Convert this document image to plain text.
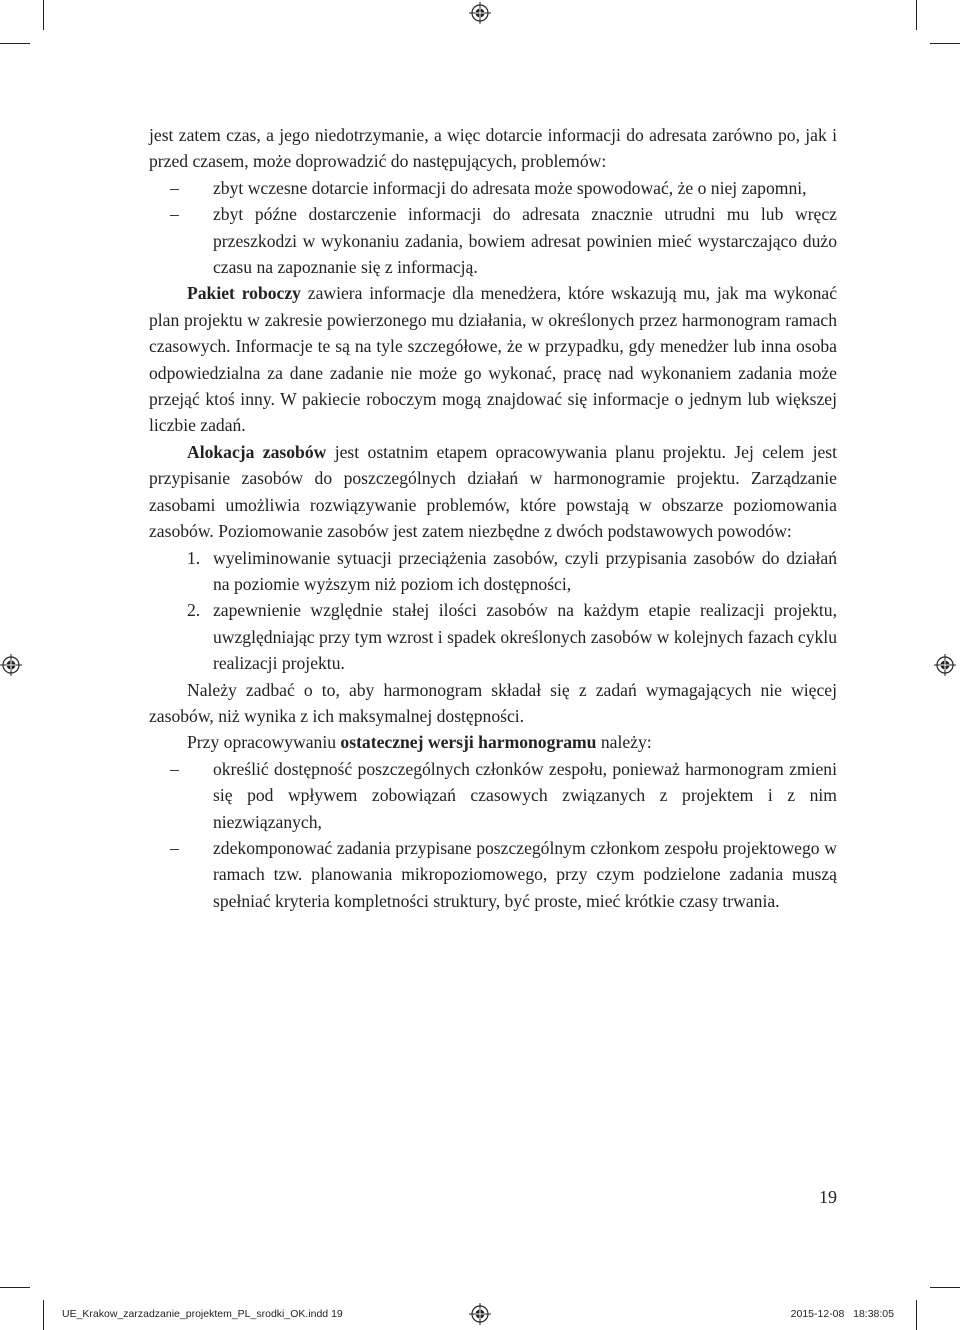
jest zatem czas, a jego niedotrzymanie, a więc dotarcie informacji do adresata zarówno po, jak i przed czasem, może doprowadzić do następujących, problemów:

– zbyt wczesne dotarcie informacji do adresata może spowodować, że o niej zapomni,
– zbyt późne dostarczenie informacji do adresata znacznie utrudni mu lub wręcz przeszkodzi w wykonaniu zadania, bowiem adresat powinien mieć wystarczająco dużo czasu na zapoznanie się z informacją.

Pakiet roboczy zawiera informacje dla menedżera, które wskazują mu, jak ma wykonać plan projektu w zakresie powierzonego mu działania, w określonych przez harmonogram ramach czasowych. Informacje te są na tyle szczegółowe, że w przypadku, gdy menedżer lub inna osoba odpowiedzialna za dane zadanie nie może go wykonać, pracę nad wykonaniem zadania może przejąć ktoś inny. W pakiecie roboczym mogą znajdować się informacje o jednym lub większej liczbie zadań.

Alokacja zasobów jest ostatnim etapem opracowywania planu projektu. Jej celem jest przypisanie zasobów do poszczególnych działań w harmonogramie projektu. Zarządzanie zasobami umożliwia rozwiązywanie problemów, które powstają w obszarze poziomowania zasobów. Poziomowanie zasobów jest zatem niezbędne z dwóch podstawowych powodów:

1. wyeliminowanie sytuacji przeciążenia zasobów, czyli przypisania zasobów do działań na poziomie wyższym niż poziom ich dostępności,
2. zapewnienie względnie stałej ilości zasobów na każdym etapie realizacji projektu, uwzględniając przy tym wzrost i spadek określonych zasobów w kolejnych fazach cyklu realizacji projektu.

Należy zadbać o to, aby harmonogram składał się z zadań wymagających nie więcej zasobów, niż wynika z ich maksymalnej dostępności.

Przy opracowywaniu ostatecznej wersji harmonogramu należy:

– określić dostępność poszczególnych członków zespołu, ponieważ harmonogram zmieni się pod wpływem zobowiązań czasowych związanych z projektem i z nim niezwiązanych,
– zdekomponować zadania przypisane poszczególnym członkom zespołu projektowego w ramach tzw. planowania mikropoziomowego, przy czym podzielone zadania muszą spełniać kryteria kompletności struktury, być proste, mieć krótkie czasy trwania.
19
UE_Krakow_zarzadzanie_projektem_PL_srodki_OK.indd 19	2015-12-08   18:38:05
